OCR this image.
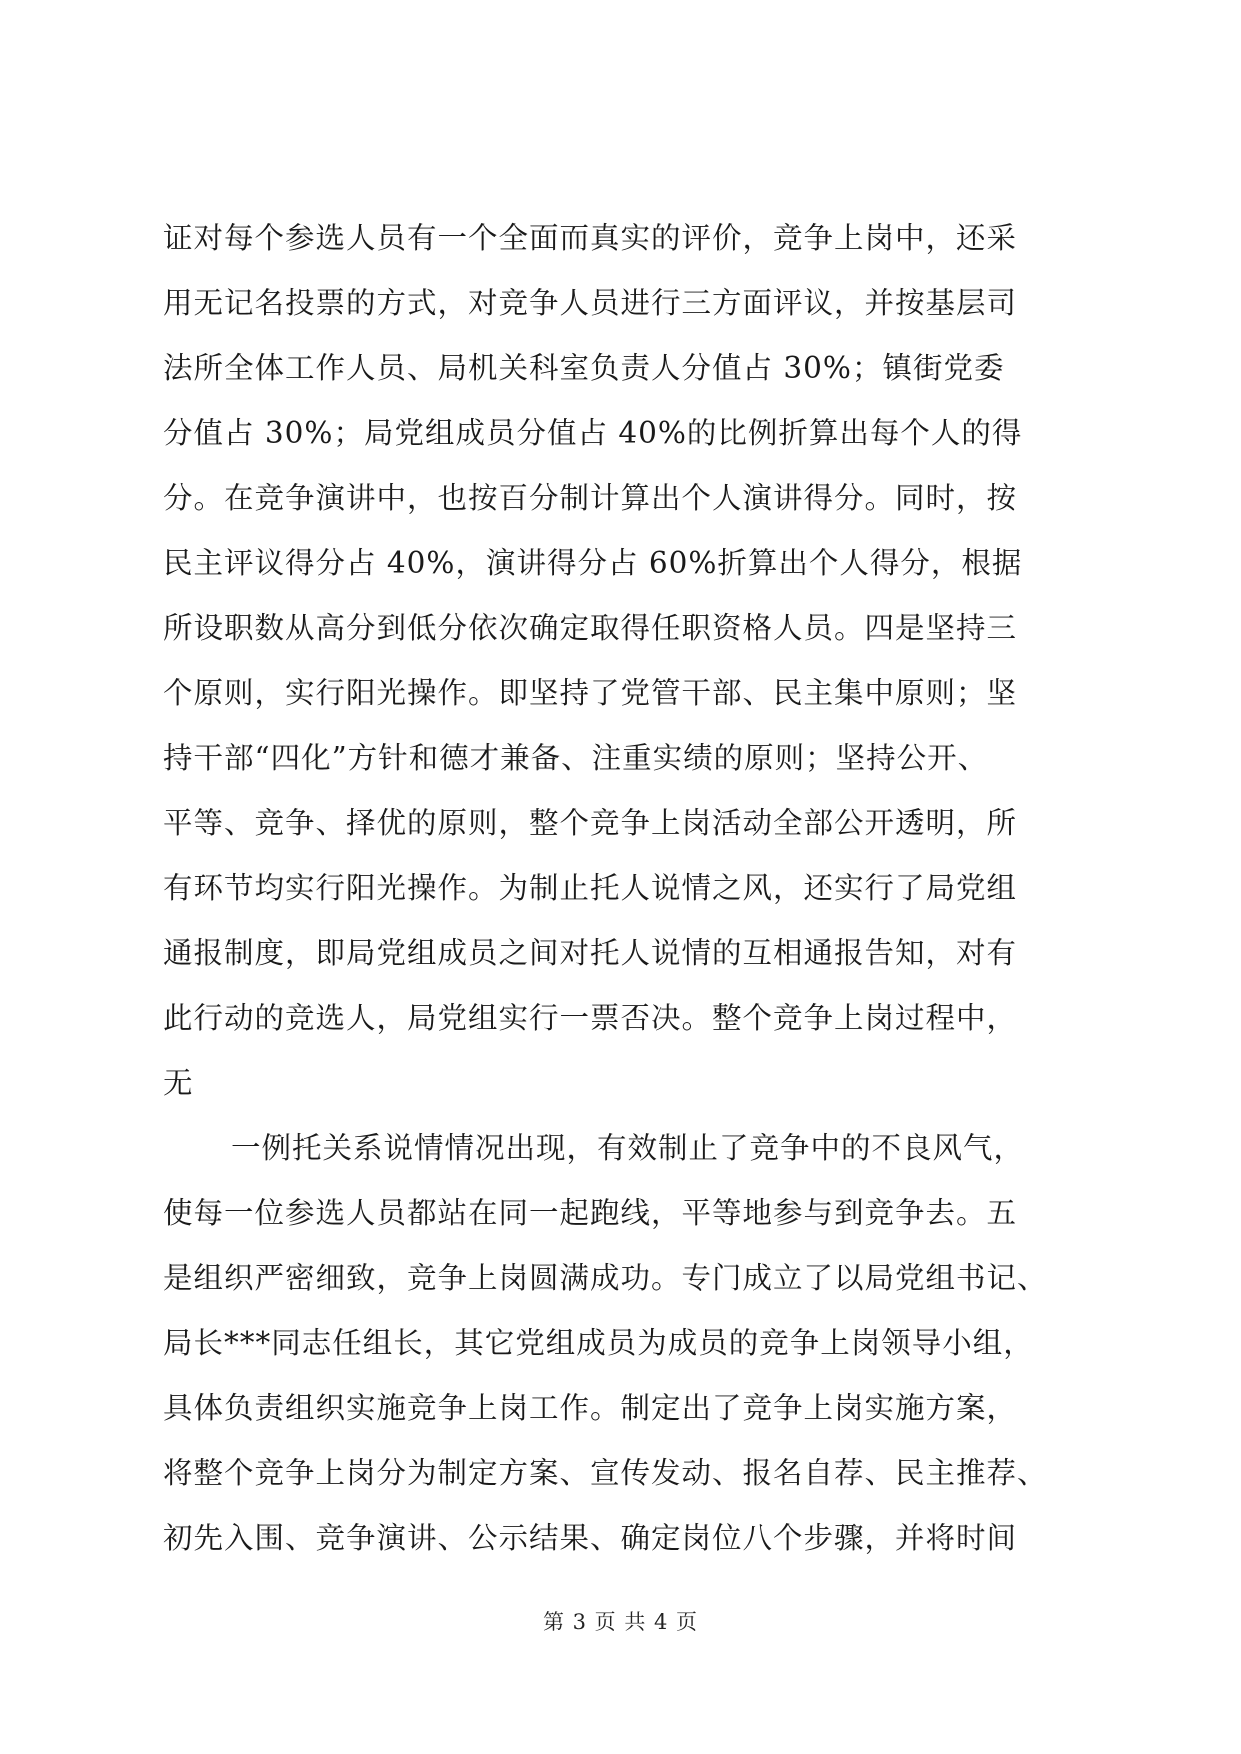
证对每个参选人员有一个全面而真实的评价，竞争上岗中，还采
用无记名投票的方式，对竞争人员进行三方面评议，并按基层司
法所全体工作人员、局机关科室负责人分值占 30%；镇街党委
分值占 30%；局党组成员分值占 40%的比例折算出每个人的得
分。在竞争演讲中，也按百分制计算出个人演讲得分。同时，按
民主评议得分占 40%，演讲得分占 60%折算出个人得分，根据
所设职数从高分到低分依次确定取得任职资格人员。四是坚持三
个原则，实行阳光操作。即坚持了党管干部、民主集中原则；坚
持干部“四化”方针和德才兼备、注重实绩的原则；坚持公开、
平等、竞争、择优的原则，整个竞争上岗活动全部公开透明，所
有环节均实行阳光操作。为制止托人说情之风，还实行了局党组
通报制度，即局党组成员之间对托人说情的互相通报告知，对有
此行动的竞选人，局党组实行一票否决。整个竞争上岗过程中，
无
一例托关系说情情况出现，有效制止了竞争中的不良风气，
使每一位参选人员都站在同一起跑线，平等地参与到竞争去。五
是组织严密细致，竞争上岗圆满成功。专门成立了以局党组书记、
局长***同志任组长，其它党组成员为成员的竞争上岗领导小组，
具体负责组织实施竞争上岗工作。制定出了竞争上岗实施方案，
将整个竞争上岗分为制定方案、宣传发动、报名自荐、民主推荐、
初先入围、竞争演讲、公示结果、确定岗位八个步骤，并将时间
第 3 页 共 4 页
